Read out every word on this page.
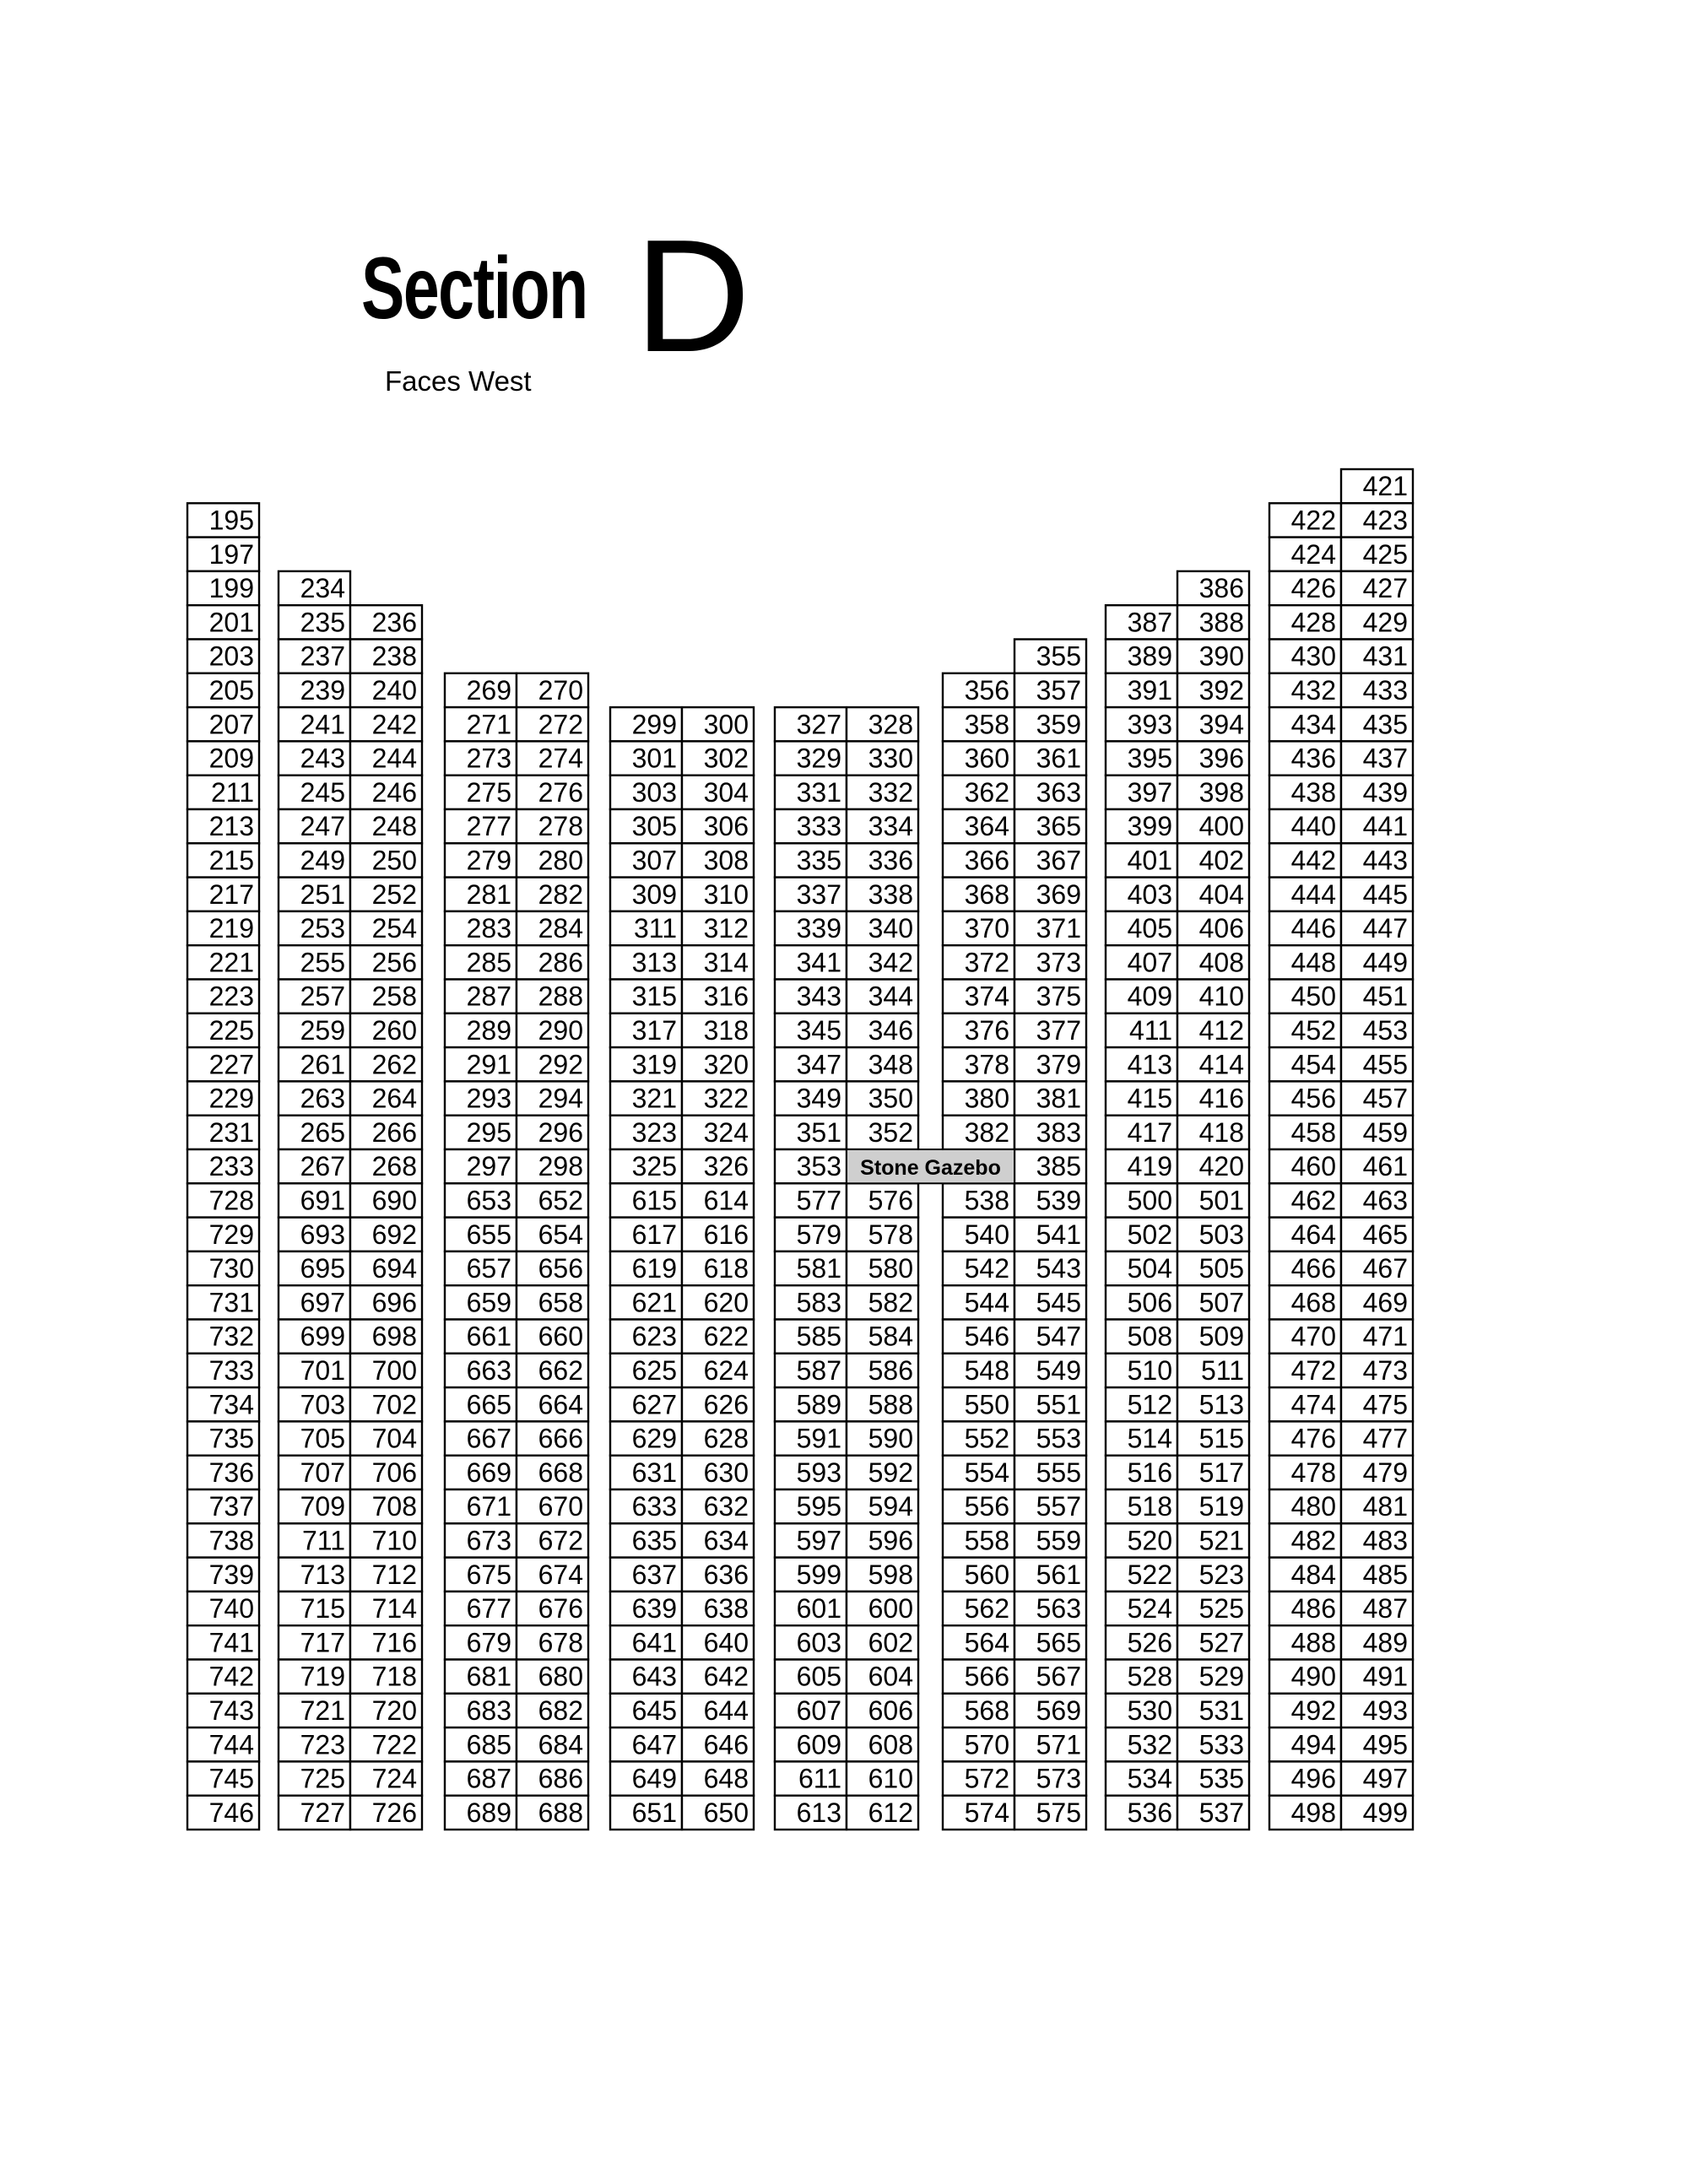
Section D
Faces West
195
197
199
201
203
205
207
209
211
213
215
217
219
221
223
225
227
229
231
233
728
729
730
731
732
733
734
735
736
737
738
739
740
741
742
743
744
745
746
234
235 236
237 238
239 240
241 242
243 244
245 246
247 248
249 250
251 252
253 254
255 256
257 258
259 260
261 262
263 264
265 266
267 268
691 690
693 692
695 694
697 696
699 698
701 700
703 702
705 704
707 706
709 708
711 710
713 712
715 714
717 716
719 718
721 720
723 722
725 724
727 726
269 270
271 272
273 274
275 276
277 278
279 280
281 282
283 284
285 286
287 288
289 290
291 292
293 294
295 296
297 298
653 652
655 654
657 656
659 658
661 660
663 662
665 664
667 666
669 668
671 670
673 672
675 674
677 676
679 678
681 680
683 682
685 684
687 686
689 688
299 300
301 302
303 304
305 306
307 308
309 310
311 312
313 314
315 316
317 318
319 320
321 322
323 324
325 326
615 614
617 616
619 618
621 620
623 622
625 624
627 626
629 628
631 630
633 632
635 634
637 636
639 638
641 640
643 642
645 644
647 646
649 648
651 650
327 328
329 330
331 332
333 334
335 336
337 338
339 340
341 342
343 344
345 346
347 348
349 350
351 352
353
577 576
579 578
581 580
583 582
585 584
587 586
589 588
591 590
593 592
595 594
597 596
599 598
601 600
603 602
605 604
607 606
609 608
611 610
613 612
355
356 357
358 359
360 361
362 363
364 365
366 367
368 369
370 371
372 373
374 375
376 377
378 379
380 381
382 383
385
538 539
540 541
542 543
544 545
546 547
548 549
550 551
552 553
554 555
556 557
558 559
560 561
562 563
564 565
566 567
568 569
570 571
572 573
574 575
386
387 388
389 390
391 392
393 394
395 396
397 398
399 400
401 402
403 404
405 406
407 408
409 410
411 412
413 414
415 416
417 418
419 420
500 501
502 503
504 505
506 507
508 509
510 511
512 513
514 515
516 517
518 519
520 521
522 523
524 525
526 527
528 529
530 531
532 533
534 535
536 537
421
422 423
424 425
426 427
428 429
430 431
432 433
434 435
436 437
438 439
440 441
442 443
444 445
446 447
448 449
450 451
452 453
454 455
456 457
458 459
460 461
462 463
464 465
466 467
468 469
470 471
472 473
474 475
476 477
478 479
480 481
482 483
484 485
486 487
488 489
490 491
492 493
494 495
496 497
498 499
Stone Gazebo
